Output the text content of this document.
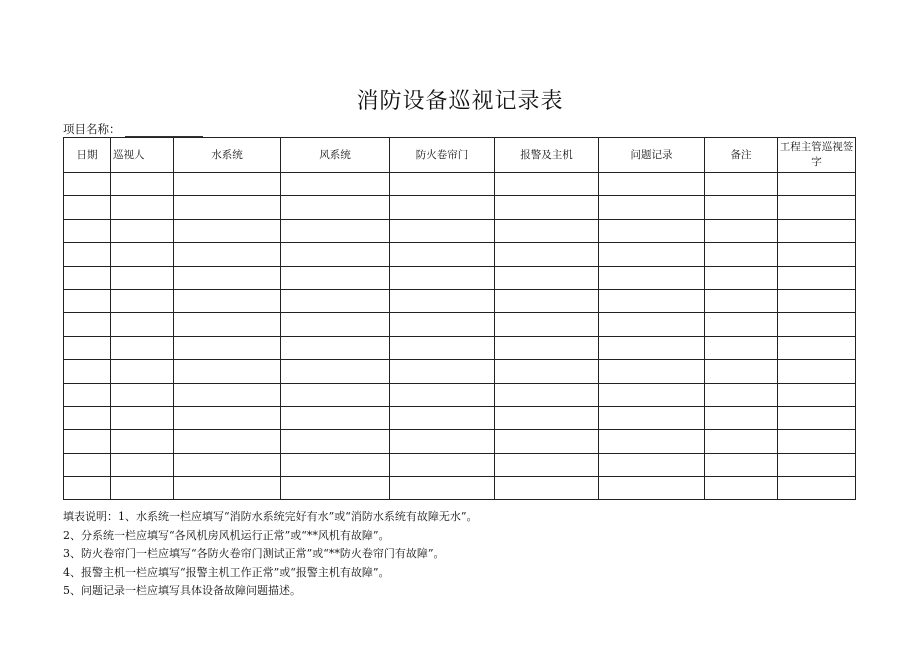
消防设备巡视记录表
项目名称：
日期	巡视人	水系统	风系统	防火卷帘门	报警及主机	问题记录	备注	工程主管巡视签字

填表说明：1、水系统一栏应填写“消防水系统完好有水”或“消防水系统有故障无水”。
2、分系统一栏应填写“各风机房风机运行正常”或“**风机有故障”。
3、防火卷帘门一栏应填写“各防火卷帘门测试正常”或“**防火卷帘门有故障”。
4、报警主机一栏应填写“报警主机工作正常”或“报警主机有故障”。
5、问题记录一栏应填写具体设备故障问题描述。
